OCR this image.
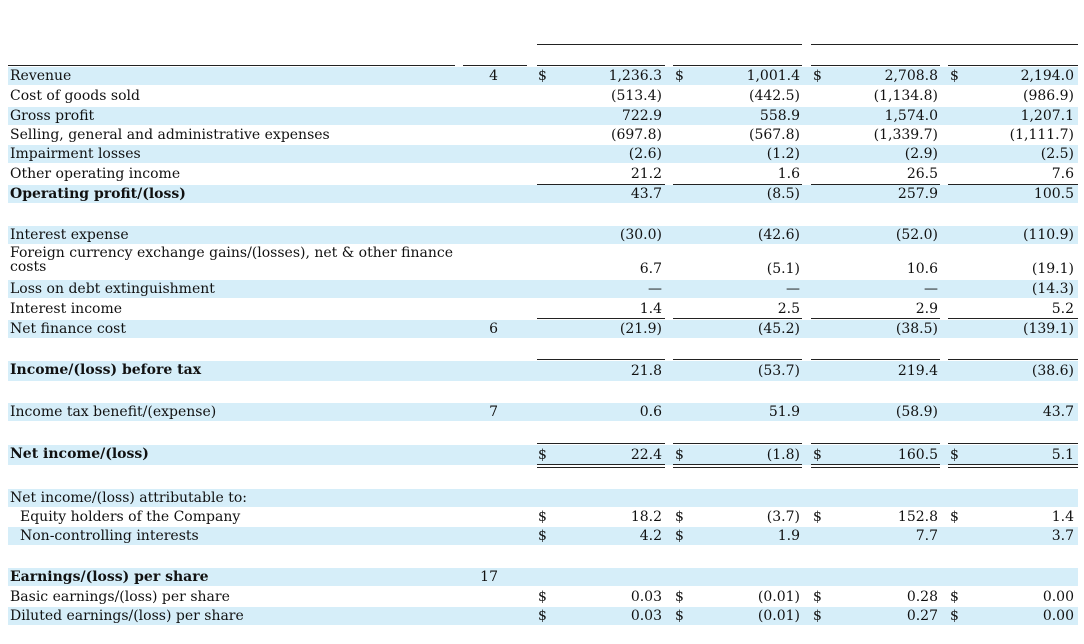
Revenue	4	$	1,236.3 $	1,001.4 $	2,708.8 $	2,194.0
Cost of goods sold	(513.4)	(442.5)	(1,134.8)	(986.9)
Gross profit	722.9	558.9	1,574.0	1,207.1
Selling, general and administrative expenses	(697.8)	(567.8)	(1,339.7)	(1,111.7)
Impairment losses	(2.6)	(1.2)	(2.9)	(2.5)
Other operating income	21.2	1.6	26.5	7.6
Operating profit/(loss)	43.7	(8.5)	257.9	100.5
Interest expense	(30.0)	(42.6)	(52.0)	(110.9)
Foreign currency exchange gains/(losses), net & other finance
costs	6.7	(5.1)	10.6	(19.1)
Loss on debt extinguishment	—	—	—	(14.3)
Interest income	1.4	2.5	2.9	5.2
Net finance cost	6	(21.9)	(45.2)	(38.5)	(139.1)
Income/(loss) before tax	21.8	(53.7)	219.4	(38.6)
Income tax benefit/(expense)	7	0.6	51.9	(58.9)	43.7
Net income/(loss)	$	22.4 $	(1.8) $	160.5 $	5.1
Net income/(loss) attributable to:
Equity holders of the Company	$	18.2 $	(3.7) $	152.8 $	1.4
Non-controlling interests	$	4.2 $	1.9	7.7	3.7
Earnings/(loss) per share	17
Basic earnings/(loss) per share	$	0.03 $	(0.01) $	0.28 $	0.00
Diluted earnings/(loss) per share	$	0.03 $	(0.01) $	0.27 $	0.00
